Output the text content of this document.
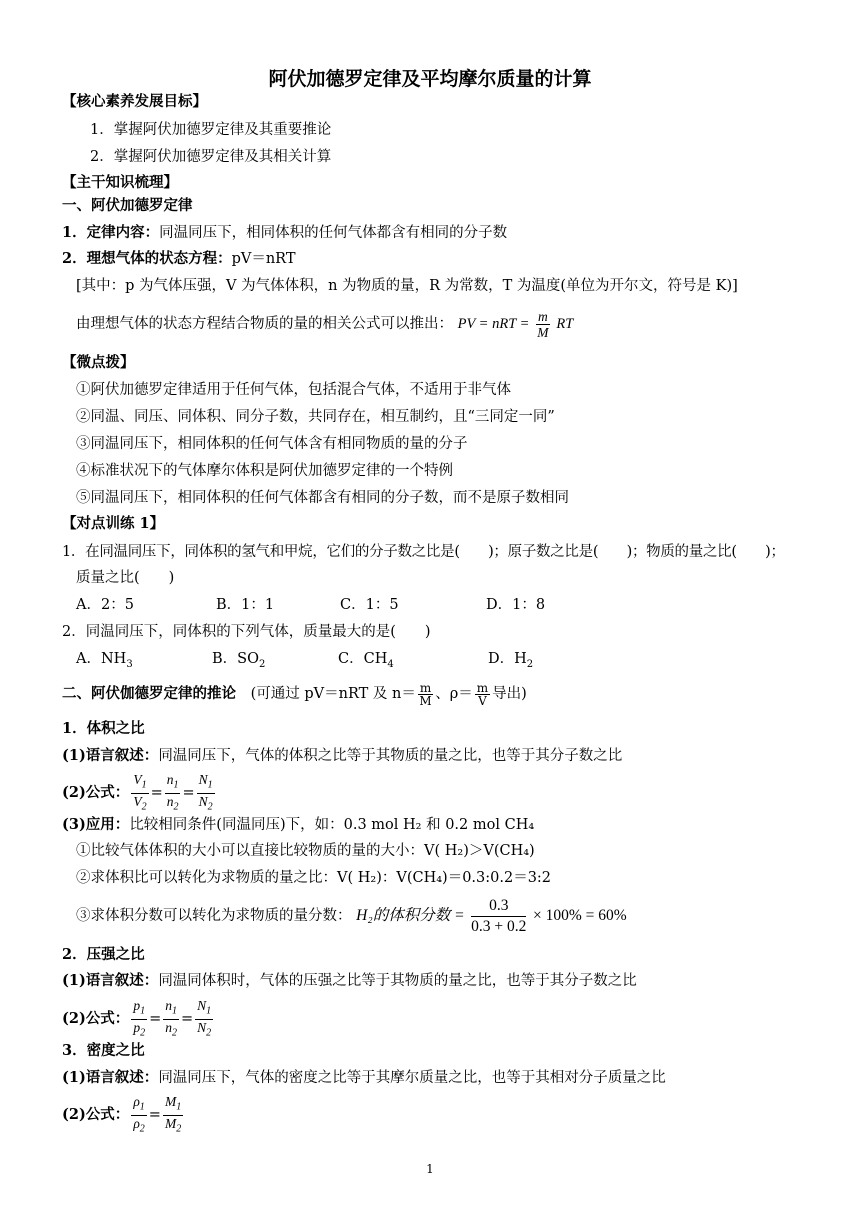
阿伏加德罗定律及平均摩尔质量的计算
【核心素养发展目标】
1．掌握阿伏加德罗定律及其重要推论
2．掌握阿伏加德罗定律及其相关计算
【主干知识梳理】
一、阿伏加德罗定律
1．定律内容：同温同压下，相同体积的任何气体都含有相同的分子数
2．理想气体的状态方程：pV＝nRT
[其中：p 为气体压强，V 为气体体积，n 为物质的量，R 为常数，T 为温度(单位为开尔文，符号是 K)]
由理想气体的状态方程结合物质的量的相关公式可以推出： PV = nRT = $\frac{m}{M}$ RT
【微点拨】
①阿伏加德罗定律适用于任何气体，包括混合气体，不适用于非气体
②同温、同压、同体积、同分子数，共同存在，相互制约，且“三同定一同”
③同温同压下，相同体积的任何气体含有相同物质的量的分子
④标准状况下的气体摩尔体积是阿伏加德罗定律的一个特例
⑤同温同压下，相同体积的任何气体都含有相同的分子数，而不是原子数相同
【对点训练 1】
1．在同温同压下，同体积的氢气和甲烷，它们的分子数之比是(　　)；原子数之比是(　　)；物质的量之比(　　)；
质量之比(　　)
A．2：5	B．1：1	C．1：5	D．1：8
2．同温同压下，同体积的下列气体，质量最大的是(　　)
A．$NH_3$	B．$SO_2$	C．$CH_4$	D．$H_2$
二、阿伏伽德罗定律的推论 (可通过 pV＝nRT 及 $n= \frac{m}{M}$ 、$\rho= \frac{m}{V}$ 导出)
1．体积之比
(1)语言叙述：同温同压下，气体的体积之比等于其物质的量之比，也等于其分子数之比
(2)公式： $\frac{V_1}{V_2} = \frac{n_1}{n_2} = \frac{N_1}{N_2}$
(3)应用：比较相同条件(同温同压)下，如：0.3 mol H₂ 和 0.2 mol CH₄
①比较气体体积的大小可以直接比较物质的量的大小：V( H₂)＞V(CH₄)
②求体积比可以转化为求物质的量之比：V( H₂)：V(CH₄)＝0.3:0.2＝3:2
③求体积分数可以转化为求物质的量分数： H₂的体积分数 = $\frac{0.3}{0.3 + 0.2} \times 100\% = 60\%$
2．压强之比
(1)语言叙述：同温同体积时，气体的压强之比等于其物质的量之比，也等于其分子数之比
(2)公式： $\frac{p_1}{p_2} = \frac{n_1}{n_2} = \frac{N_1}{N_2}$
3．密度之比
(1)语言叙述：同温同压下，气体的密度之比等于其摩尔质量之比，也等于其相对分子质量之比
(2)公式： $\frac{\rho_1}{\rho_2} = \frac{M_1}{M_2}$
1
